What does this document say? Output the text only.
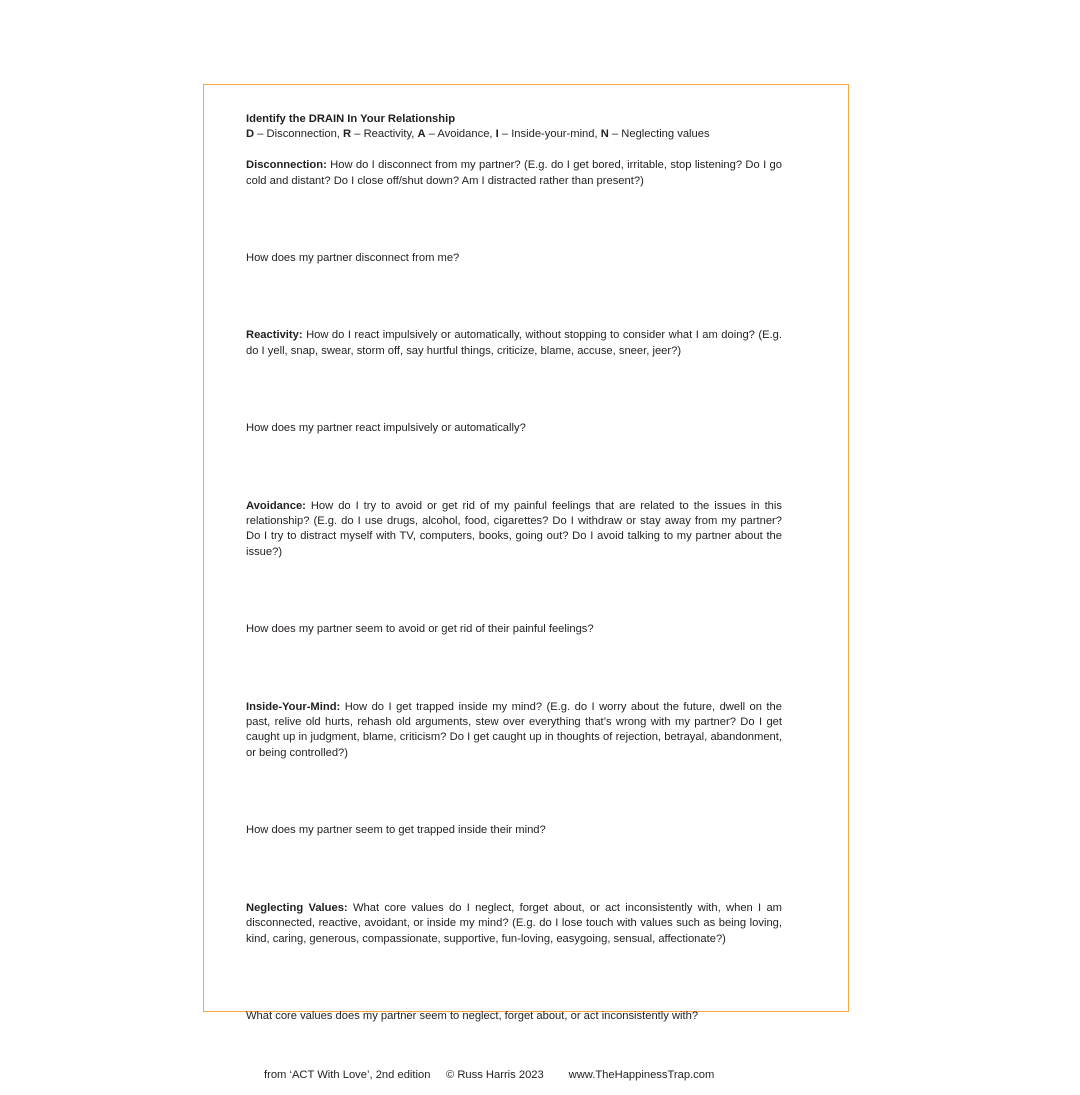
Identify the DRAIN In Your Relationship

D – Disconnection, R – Reactivity, A – Avoidance, I – Inside-your-mind, N – Neglecting values

Disconnection: How do I disconnect from my partner? (E.g. do I get bored, irritable, stop listening? Do I go cold and distant? Do I close off/shut down? Am I distracted rather than present?)

How does my partner disconnect from me?

Reactivity: How do I react impulsively or automatically, without stopping to consider what I am doing? (E.g. do I yell, snap, swear, storm off, say hurtful things, criticize, blame, accuse, sneer, jeer?)

How does my partner react impulsively or automatically?

Avoidance: How do I try to avoid or get rid of my painful feelings that are related to the issues in this relationship? (E.g. do I use drugs, alcohol, food, cigarettes? Do I withdraw or stay away from my partner? Do I try to distract myself with TV, computers, books, going out? Do I avoid talking to my partner about the issue?)

How does my partner seem to avoid or get rid of their painful feelings?

Inside-Your-Mind: How do I get trapped inside my mind? (E.g. do I worry about the future, dwell on the past, relive old hurts, rehash old arguments, stew over everything that’s wrong with my partner? Do I get caught up in judgment, blame, criticism? Do I get caught up in thoughts of rejection, betrayal, abandonment, or being controlled?)

How does my partner seem to get trapped inside their mind?

Neglecting Values: What core values do I neglect, forget about, or act inconsistently with, when I am disconnected, reactive, avoidant, or inside my mind? (E.g. do I lose touch with values such as being loving, kind, caring, generous, compassionate, supportive, fun-loving, easygoing, sensual, affectionate?)

What core values does my partner seem to neglect, forget about, or act inconsistently with?

from ‘ACT With Love’, 2nd edition     © Russ Harris 2023        www.TheHappinessTrap.com
